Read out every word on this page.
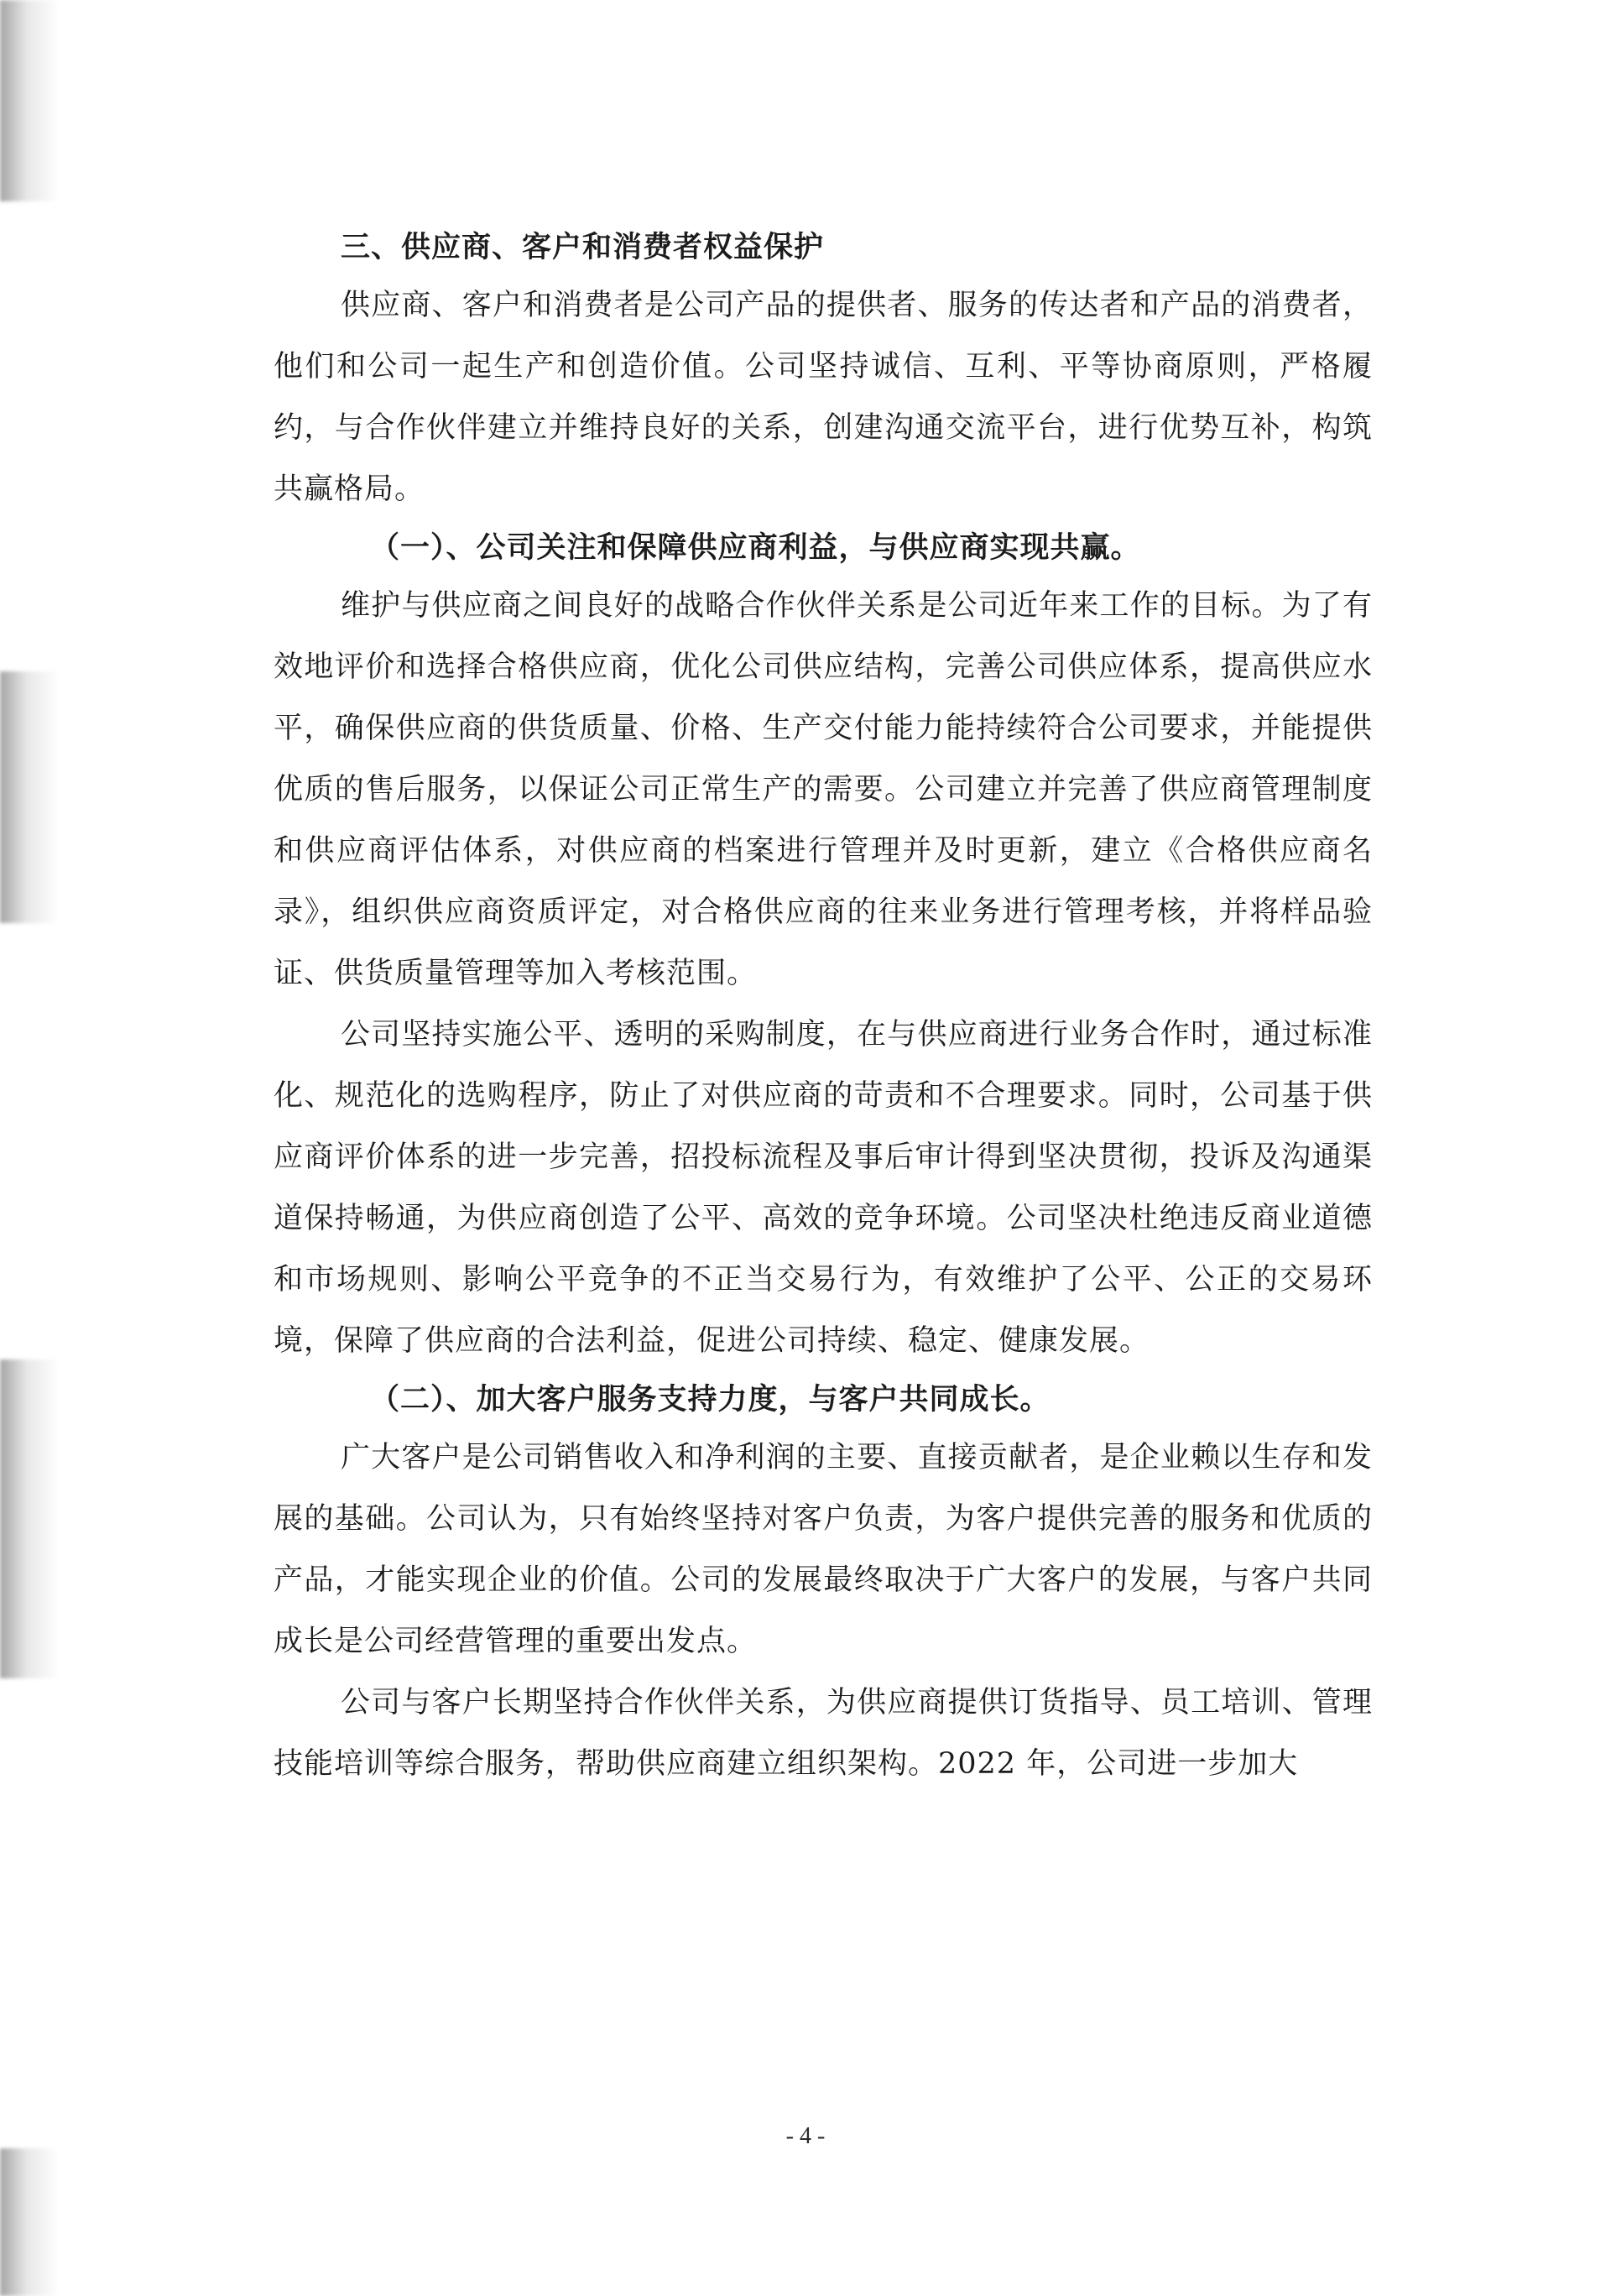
三、供应商、客户和消费者权益保护

供应商、客户和消费者是公司产品的提供者、服务的传达者和产品的消费者，他们和公司一起生产和创造价值。公司坚持诚信、互利、平等协商原则，严格履约，与合作伙伴建立并维持良好的关系，创建沟通交流平台，进行优势互补，构筑共赢格局。

（一）、公司关注和保障供应商利益，与供应商实现共赢。

维护与供应商之间良好的战略合作伙伴关系是公司近年来工作的目标。为了有效地评价和选择合格供应商，优化公司供应结构，完善公司供应体系，提高供应水平，确保供应商的供货质量、价格、生产交付能力能持续符合公司要求，并能提供优质的售后服务，以保证公司正常生产的需要。公司建立并完善了供应商管理制度和供应商评估体系，对供应商的档案进行管理并及时更新，建立《合格供应商名录》，组织供应商资质评定，对合格供应商的往来业务进行管理考核，并将样品验证、供货质量管理等加入考核范围。

公司坚持实施公平、透明的采购制度，在与供应商进行业务合作时，通过标准化、规范化的选购程序，防止了对供应商的苛责和不合理要求。同时，公司基于供应商评价体系的进一步完善，招投标流程及事后审计得到坚决贯彻，投诉及沟通渠道保持畅通，为供应商创造了公平、高效的竞争环境。公司坚决杜绝违反商业道德和市场规则、影响公平竞争的不正当交易行为，有效维护了公平、公正的交易环境，保障了供应商的合法利益，促进公司持续、稳定、健康发展。

（二）、加大客户服务支持力度，与客户共同成长。

广大客户是公司销售收入和净利润的主要、直接贡献者，是企业赖以生存和发展的基础。公司认为，只有始终坚持对客户负责，为客户提供完善的服务和优质的产品，才能实现企业的价值。公司的发展最终取决于广大客户的发展，与客户共同成长是公司经营管理的重要出发点。

公司与客户长期坚持合作伙伴关系，为供应商提供订货指导、员工培训、管理技能培训等综合服务，帮助供应商建立组织架构。2022 年，公司进一步加大

- 4 -
